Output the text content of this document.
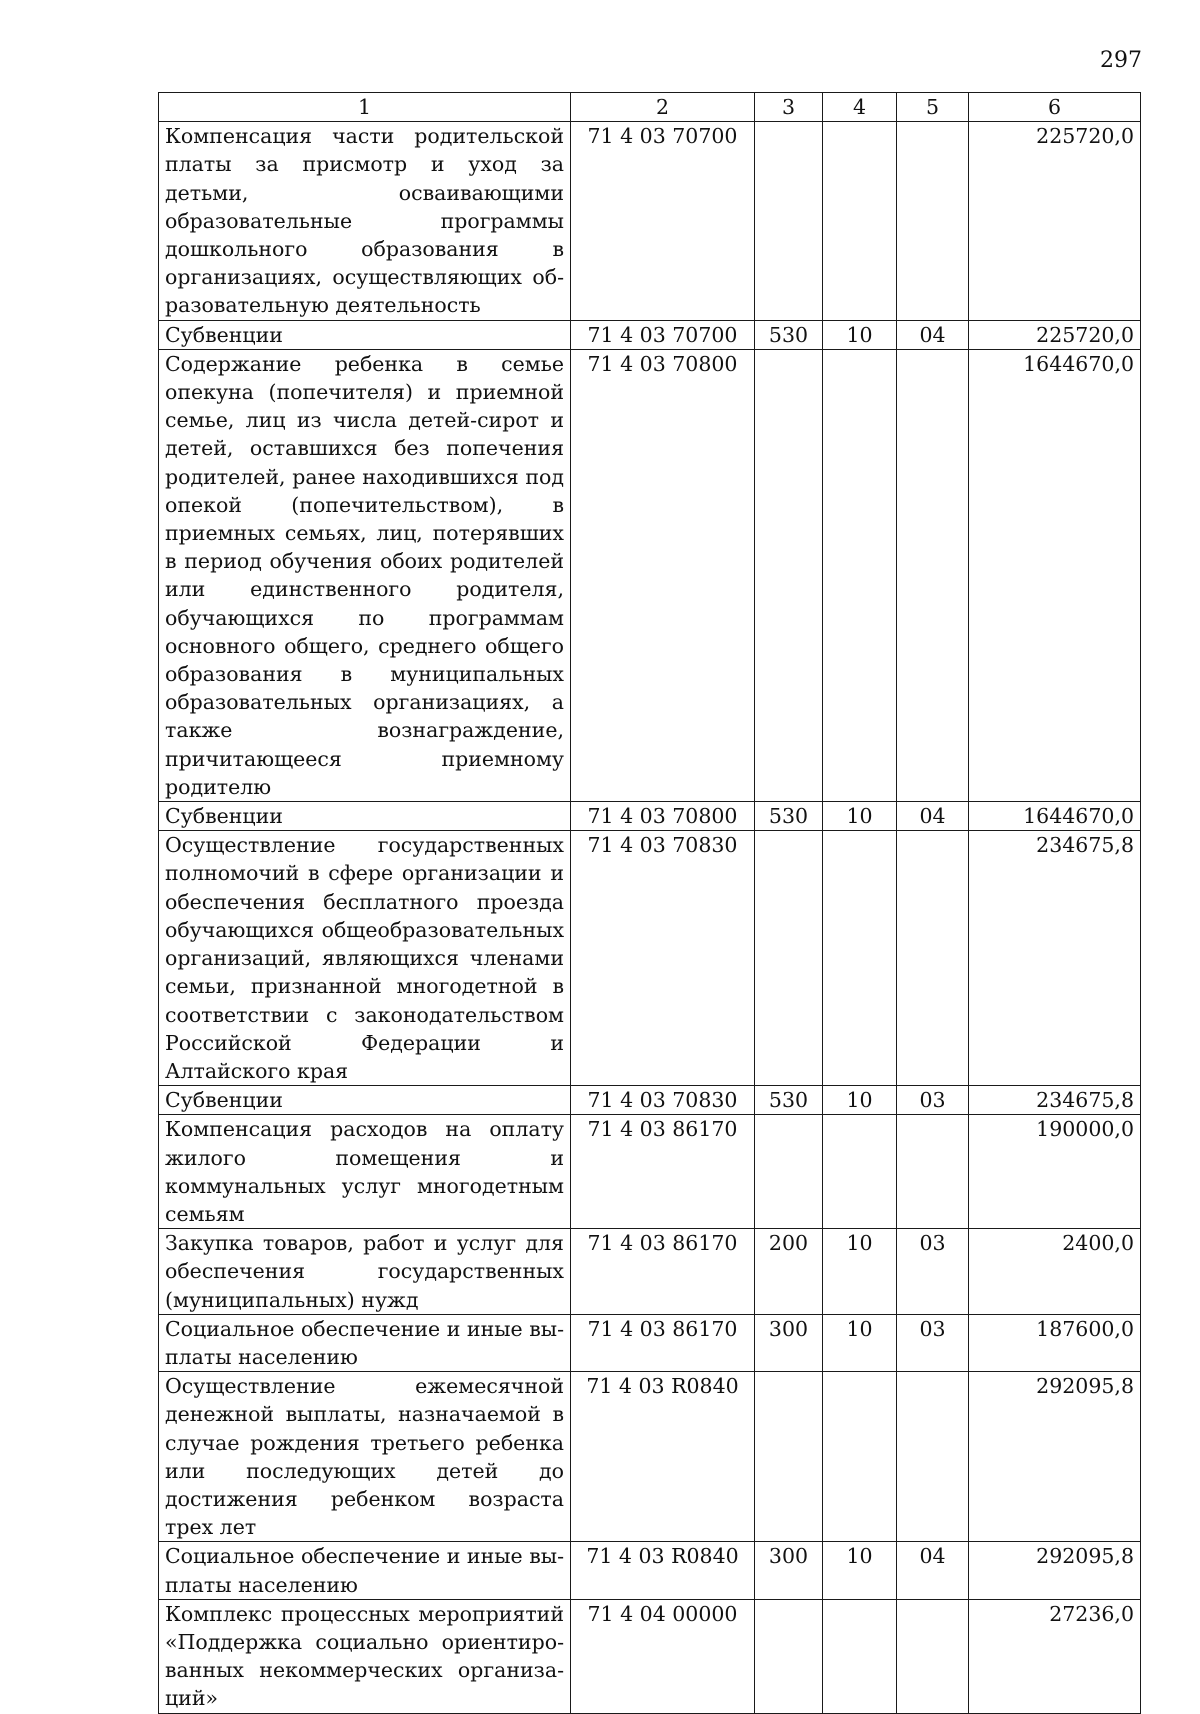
297
1	2	3	4	5	6
Компенсация части родительской платы за присмотр и уход за детьми, осваивающими образовательные программы дошкольного образования в организациях, осуществляющих образовательную деятельность	71 4 03 70700				225720,0
Субвенции	71 4 03 70700	530	10	04	225720,0
Содержание ребенка в семье опекуна (попечителя) и приемной семье, лиц из числа детей-сирот и детей, оставшихся без попечения родителей, ранее находившихся под опекой (попечительством), в приемных семьях, лиц, потерявших в период обучения обоих родителей или единственного родителя, обучающихся по программам основного общего, среднего общего образования в муниципальных образовательных организациях, а также вознаграждение, причитающееся приемному родителю	71 4 03 70800				1644670,0
Субвенции	71 4 03 70800	530	10	04	1644670,0
Осуществление государственных полномочий в сфере организации и обеспечения бесплатного проезда обучающихся общеобразовательных организаций, являющихся членами семьи, признанной многодетной в соответствии с законодательством Российской Федерации и Алтайского края	71 4 03 70830				234675,8
Субвенции	71 4 03 70830	530	10	03	234675,8
Компенсация расходов на оплату жилого помещения и коммунальных услуг многодетным семьям	71 4 03 86170				190000,0
Закупка товаров, работ и услуг для обеспечения государственных (муниципальных) нужд	71 4 03 86170	200	10	03	2400,0
Социальное обеспечение и иные выплаты населению	71 4 03 86170	300	10	03	187600,0
Осуществление ежемесячной денежной выплаты, назначаемой в случае рождения третьего ребенка или последующих детей до достижения ребенком возраста трех лет	71 4 03 R0840				292095,8
Социальное обеспечение и иные выплаты населению	71 4 03 R0840	300	10	04	292095,8
Комплекс процессных мероприятий «Поддержка социально ориентированных некоммерческих организаций»	71 4 04 00000				27236,0
